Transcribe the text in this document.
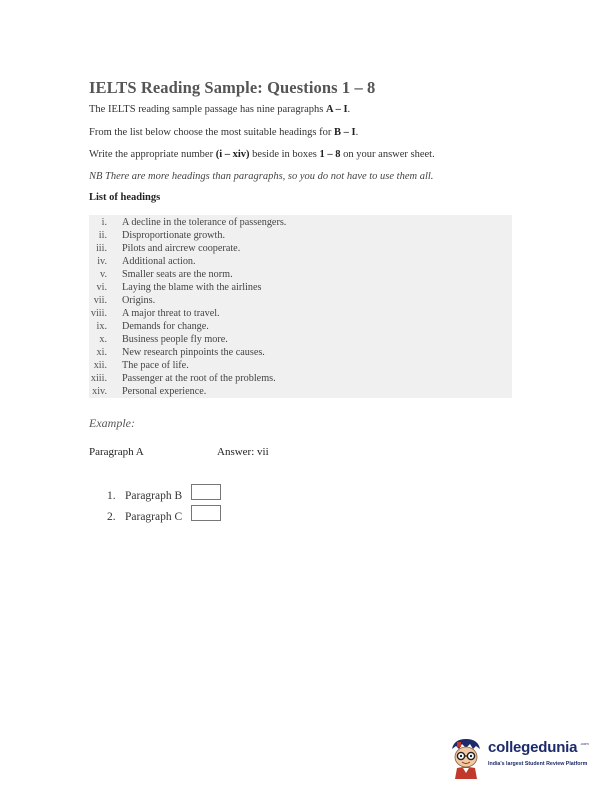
IELTS Reading Sample: Questions 1 – 8
The IELTS reading sample passage has nine paragraphs A – I.
From the list below choose the most suitable headings for B – I.
Write the appropriate number (i – xiv) beside in boxes 1 – 8 on your answer sheet.
NB There are more headings than paragraphs, so you do not have to use them all.
List of headings
i. A decline in the tolerance of passengers.
ii. Disproportionate growth.
iii. Pilots and aircrew cooperate.
iv. Additional action.
v. Smaller seats are the norm.
vi. Laying the blame with the airlines
vii. Origins.
viii. A major threat to travel.
ix. Demands for change.
x. Business people fly more.
xi. New research pinpoints the causes.
xii. The pace of life.
xiii. Passenger at the root of the problems.
xiv. Personal experience.
Example:
Paragraph A	Answer: vii
1. Paragraph B
2. Paragraph C
collegedunia .com
India's largest Student Review Platform
